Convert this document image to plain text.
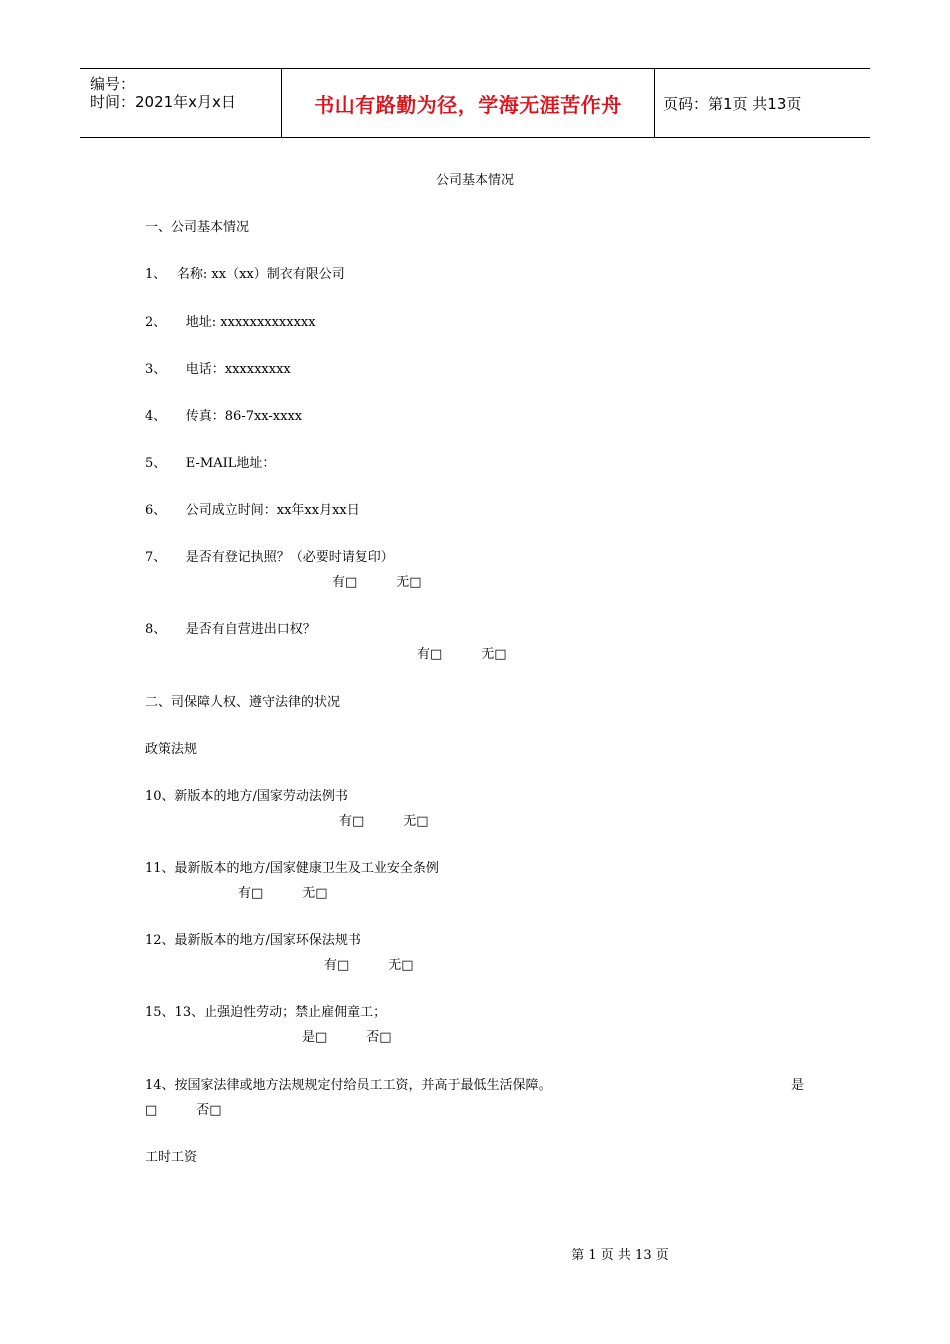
编号：
时间：2021年x月x日	书山有路勤为径，学海无涯苦作舟	页码：第1页 共13页
公司基本情况
一、公司基本情况
1、　 名称: xx（xx）制衣有限公司
2、　　地址: xxxxxxxxxxxxx
3、　　电话：xxxxxxxxx
4、　　传真：86-7xx-xxxx
5、　　E-MAIL地址：
6、　　公司成立时间：xx年xx月xx日
7、　　是否有登记执照？（必要时请复印）
有□　　　无□
8、　　是否有自营进出口权？
有□　　　无□
二、司保障人权、遵守法律的状况
政策法规
10、新版本的地方/国家劳动法例书
有□　　　无□
11、最新版本的地方/国家健康卫生及工业安全条例
有□　　　无□
12、最新版本的地方/国家环保法规书
有□　　　无□
15、13、止强迫性劳动；禁止雇佣童工；
是□　　　否□
14、按国家法律或地方法规规定付给员工工资，并高于最低生活保障。	是
□　　　否□
工时工资
第 1 页 共 13 页
